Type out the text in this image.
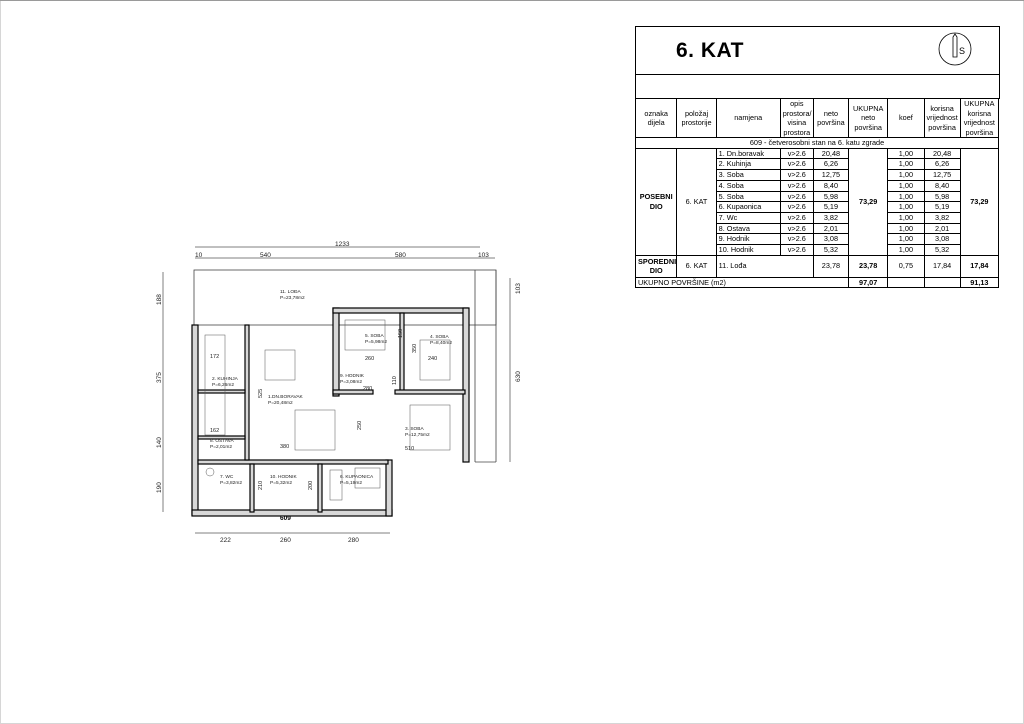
6. KAT	S
oznaka dijela	položaj prostorije	namjena	opis prostora/ visina prostora	neto površina	UKUPNA neto površina	koef	korisna vrijednost površina	UKUPNA korisna vrijednost površina
609 - četverosobni stan na 6. katu zgrade								
POSEBNI DIO	6. KAT	1. Dn.boravak	v>2.6	20,48	73,29	1,00	20,48	73,29
		2. Kuhinja	v>2.6	6,26		1,00	6,26	
		3. Soba	v>2.6	12,75		1,00	12,75	
		4. Soba	v>2.6	8,40		1,00	8,40	
		5. Soba	v>2.6	5,98		1,00	5,98	
		6. Kupaonica	v>2.6	5,19		1,00	5,19	
		7. Wc	v>2.6	3,82		1,00	3,82	
		8. Ostava	v>2.6	2,01		1,00	2,01	
		9. Hodnik	v>2.6	3,08		1,00	3,08	
		10. Hodnik	v>2.6	5,32		1,00	5,32	
SPOREDNI DIO	6. KAT	11. Lođa		23,78	23,78	0,75	17,84	17,84
UKUPNO POVRŠINE (m2)					97,07			91,13
11. LOĐA
P=23,78m2
2. KUHINJA
P=6,26m2
1.DN.BORAVAK
P=20,48m2
8. OSTAVA
P=2,01m2
5. SOBA
P=5,98m2
4. SOBA
P=8,40m2
9. HODNIK
P=3,08m2
3. SOBA
P=12,75m2
7. WC
P=3,82m2
10. HODNIK
P=5,32m2
6. KUPAONICA
P=5,19m2
1233
10	540	580	103
188
375
140
190
103
630
222	260	280
172
162
525
380
260
350
240
150
110
280
250
510
210	200
609
